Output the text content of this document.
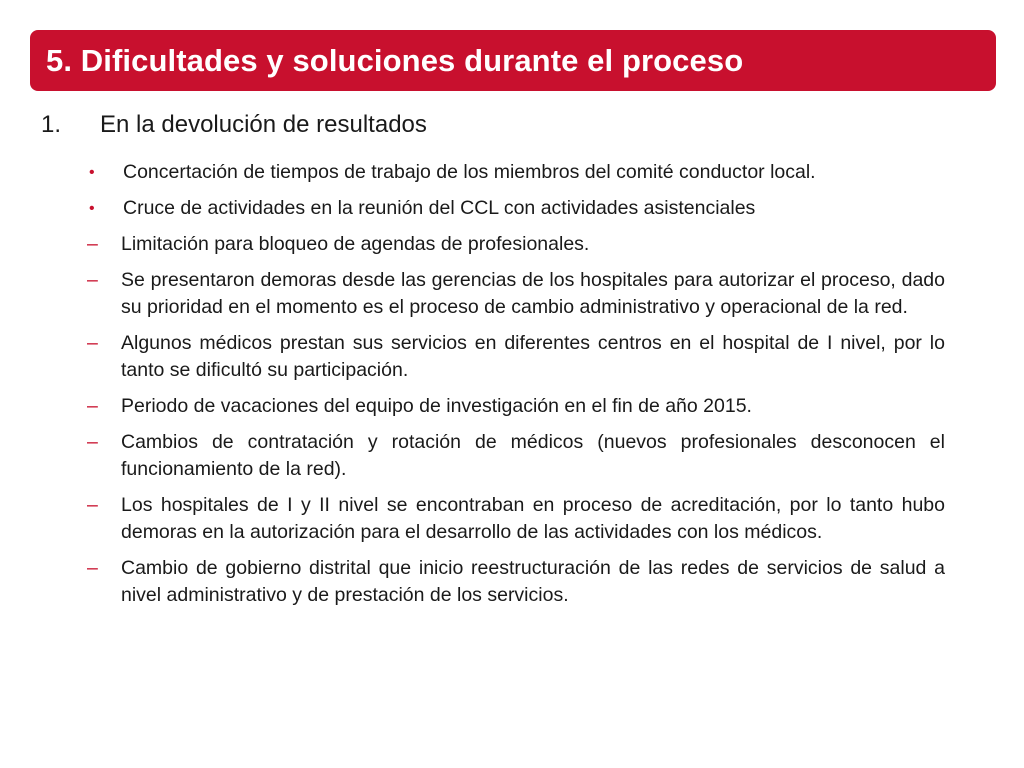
5. Dificultades y soluciones durante el proceso
1.	En la devolución de resultados
•	Concertación de tiempos de trabajo de los miembros del comité conductor local.
•	Cruce de actividades en la reunión del CCL con actividades asistenciales
–	Limitación para bloqueo de agendas de profesionales.
–	Se presentaron demoras desde las gerencias de los hospitales para autorizar el proceso, dado su prioridad en el momento es el proceso de cambio administrativo y operacional de la red.
–	Algunos médicos prestan sus servicios en diferentes centros en el hospital de I nivel, por lo tanto se dificultó su participación.
–	Periodo de vacaciones del equipo de investigación en el fin de año 2015.
–	Cambios de contratación y rotación de médicos (nuevos profesionales desconocen el funcionamiento de la red).
–	Los hospitales de I y II nivel se encontraban en proceso de acreditación, por lo tanto hubo demoras en la autorización para el desarrollo de las actividades con los médicos.
–	Cambio de gobierno distrital que inicio reestructuración de las redes de servicios de salud a nivel administrativo y de prestación de los servicios.
